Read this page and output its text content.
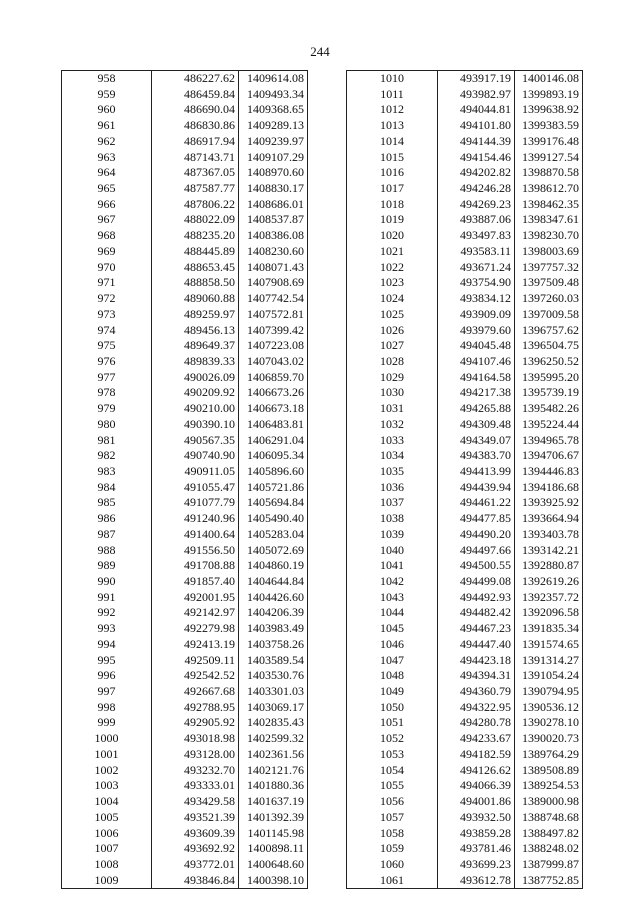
244
958	486227.62	1409614.08
959	486459.84	1409493.34
960	486690.04	1409368.65
961	486830.86	1409289.13
962	486917.94	1409239.97
963	487143.71	1409107.29
964	487367.05	1408970.60
965	487587.77	1408830.17
966	487806.22	1408686.01
967	488022.09	1408537.87
968	488235.20	1408386.08
969	488445.89	1408230.60
970	488653.45	1408071.43
971	488858.50	1407908.69
972	489060.88	1407742.54
973	489259.97	1407572.81
974	489456.13	1407399.42
975	489649.37	1407223.08
976	489839.33	1407043.02
977	490026.09	1406859.70
978	490209.92	1406673.26
979	490210.00	1406673.18
980	490390.10	1406483.81
981	490567.35	1406291.04
982	490740.90	1406095.34
983	490911.05	1405896.60
984	491055.47	1405721.86
985	491077.79	1405694.84
986	491240.96	1405490.40
987	491400.64	1405283.04
988	491556.50	1405072.69
989	491708.88	1404860.19
990	491857.40	1404644.84
991	492001.95	1404426.60
992	492142.97	1404206.39
993	492279.98	1403983.49
994	492413.19	1403758.26
995	492509.11	1403589.54
996	492542.52	1403530.76
997	492667.68	1403301.03
998	492788.95	1403069.17
999	492905.92	1402835.43
1000	493018.98	1402599.32
1001	493128.00	1402361.56
1002	493232.70	1402121.76
1003	493333.01	1401880.36
1004	493429.58	1401637.19
1005	493521.39	1401392.39
1006	493609.39	1401145.98
1007	493692.92	1400898.11
1008	493772.01	1400648.60
1009	493846.84	1400398.10
1010	493917.19	1400146.08
1011	493982.97	1399893.19
1012	494044.81	1399638.92
1013	494101.80	1399383.59
1014	494144.39	1399176.48
1015	494154.46	1399127.54
1016	494202.82	1398870.58
1017	494246.28	1398612.70
1018	494269.23	1398462.35
1019	493887.06	1398347.61
1020	493497.83	1398230.70
1021	493583.11	1398003.69
1022	493671.24	1397757.32
1023	493754.90	1397509.48
1024	493834.12	1397260.03
1025	493909.09	1397009.58
1026	493979.60	1396757.62
1027	494045.48	1396504.75
1028	494107.46	1396250.52
1029	494164.58	1395995.20
1030	494217.38	1395739.19
1031	494265.88	1395482.26
1032	494309.48	1395224.44
1033	494349.07	1394965.78
1034	494383.70	1394706.67
1035	494413.99	1394446.83
1036	494439.94	1394186.68
1037	494461.22	1393925.92
1038	494477.85	1393664.94
1039	494490.20	1393403.78
1040	494497.66	1393142.21
1041	494500.55	1392880.87
1042	494499.08	1392619.26
1043	494492.93	1392357.72
1044	494482.42	1392096.58
1045	494467.23	1391835.34
1046	494447.40	1391574.65
1047	494423.18	1391314.27
1048	494394.31	1391054.24
1049	494360.79	1390794.95
1050	494322.95	1390536.12
1051	494280.78	1390278.10
1052	494233.67	1390020.73
1053	494182.59	1389764.29
1054	494126.62	1389508.89
1055	494066.39	1389254.53
1056	494001.86	1389000.98
1057	493932.50	1388748.68
1058	493859.28	1388497.82
1059	493781.46	1388248.02
1060	493699.23	1387999.87
1061	493612.78	1387752.85
